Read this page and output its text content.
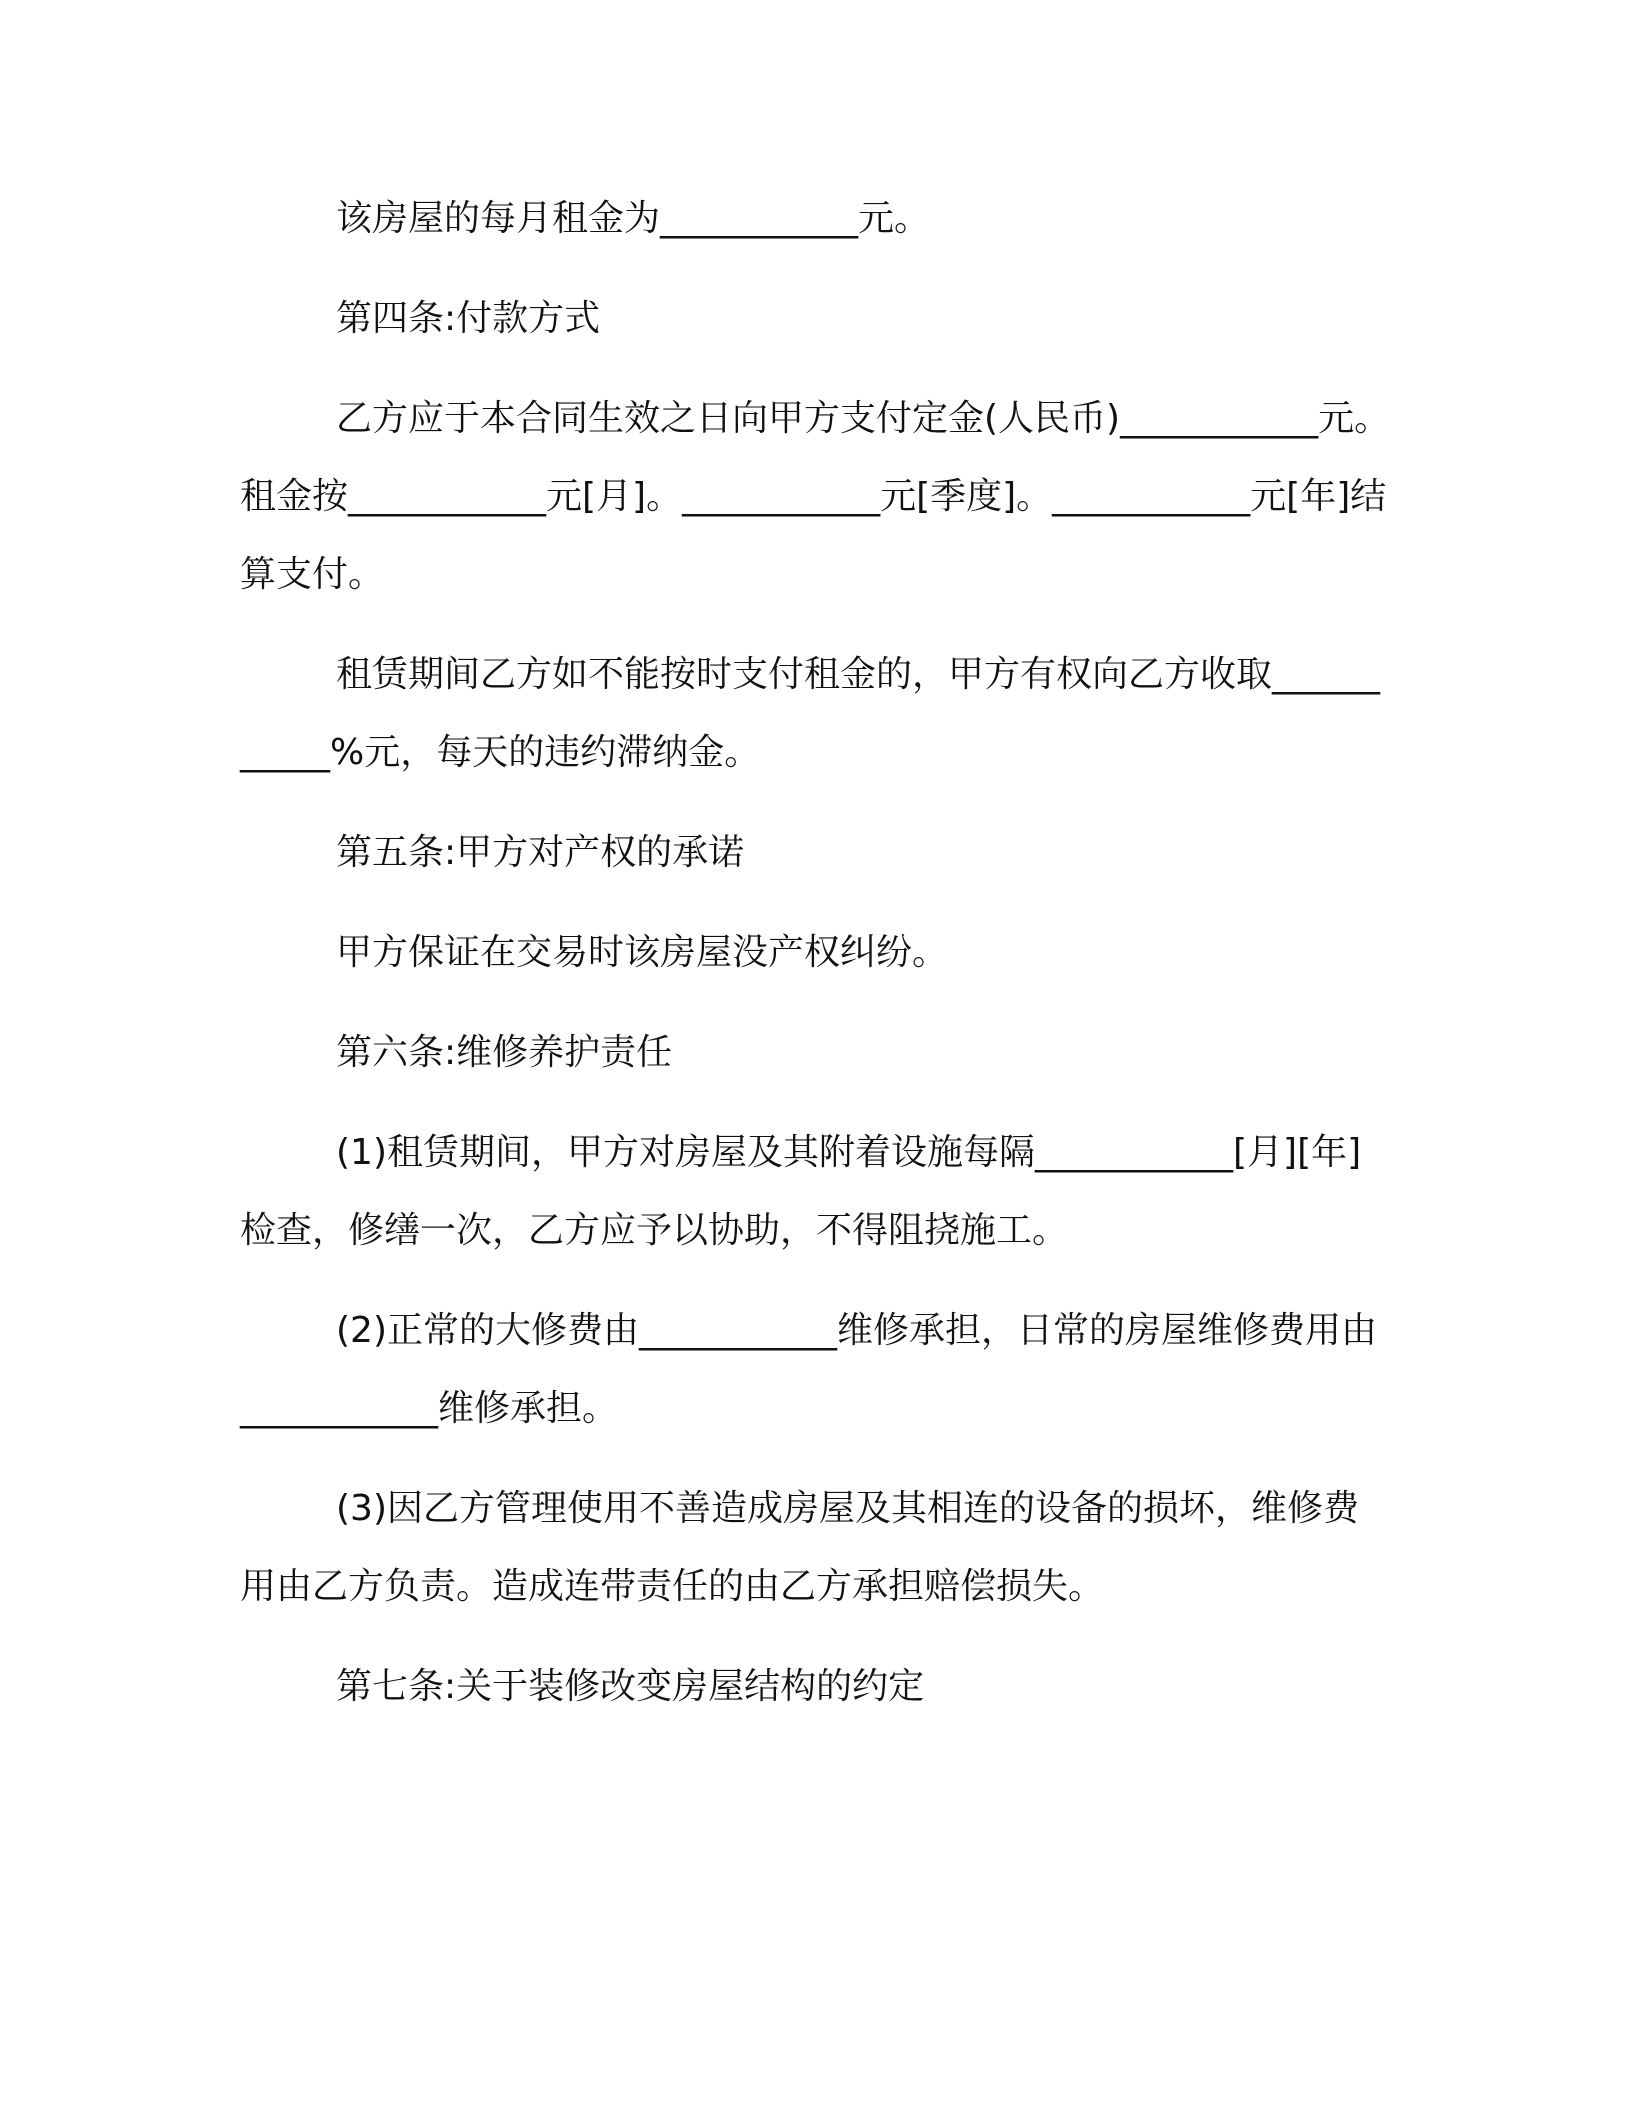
该房屋的每月租金为___________元。

第四条:付款方式

乙方应于本合同生效之日向甲方支付定金(人民币)___________元。租金按___________元[月]。___________元[季度]。___________元[年]结算支付。

租赁期间乙方如不能按时支付租金的，甲方有权向乙方收取___________%元，每天的违约滞纳金。

第五条:甲方对产权的承诺

甲方保证在交易时该房屋没产权纠纷。

第六条:维修养护责任

(1)租赁期间，甲方对房屋及其附着设施每隔___________[月][年]检查，修缮一次，乙方应予以协助，不得阻挠施工。

(2)正常的大修费由___________维修承担，日常的房屋维修费用由___________维修承担。

(3)因乙方管理使用不善造成房屋及其相连的设备的损坏，维修费用由乙方负责。造成连带责任的由乙方承担赔偿损失。

第七条:关于装修改变房屋结构的约定
